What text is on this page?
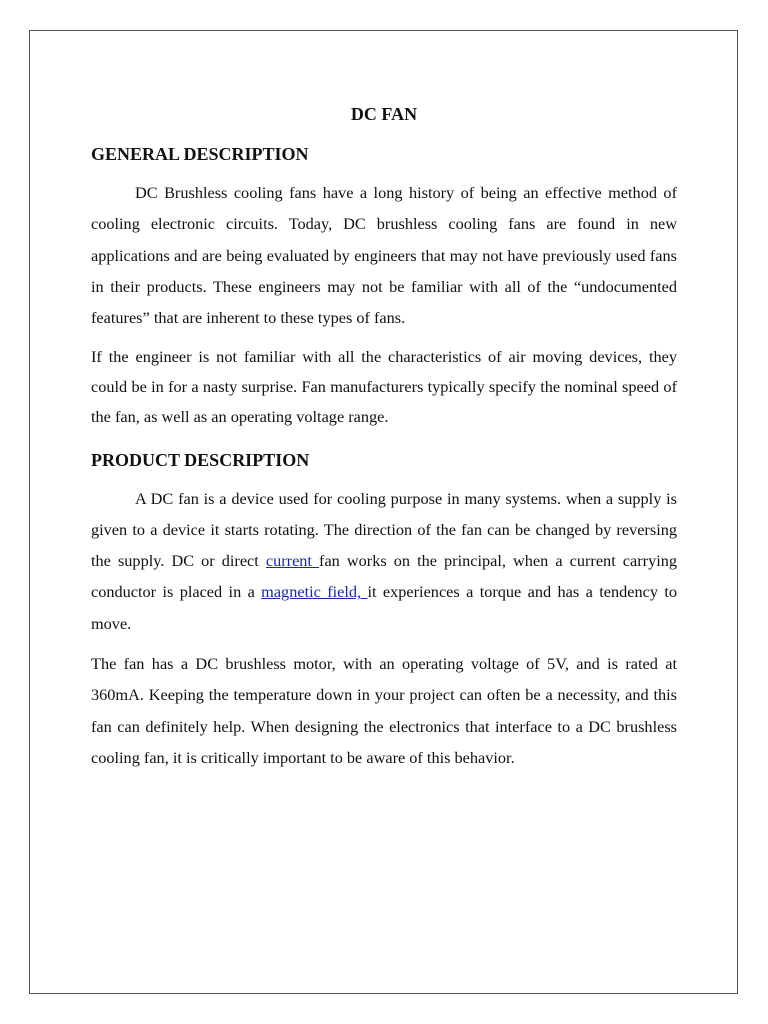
DC FAN
GENERAL DESCRIPTION

DC Brushless cooling fans have a long history of being an effective method of cooling electronic circuits. Today, DC brushless cooling fans are found in new applications and are being evaluated by engineers that may not have previously used fans in their products. These engineers may not be familiar with all of the “undocumented features” that are inherent to these types of fans.

If the engineer is not familiar with all the characteristics of air moving devices, they could be in for a nasty surprise. Fan manufacturers typically specify the nominal speed of the fan, as well as an operating voltage range.

PRODUCT DESCRIPTION

A DC fan is a device used for cooling purpose in many systems. when a supply is given to a device it starts rotating. The direction of the fan can be changed by reversing the supply. DC or direct current fan works on the principal, when a current carrying conductor is placed in a magnetic field, it experiences a torque and has a tendency to move.

The fan has a DC brushless motor, with an operating voltage of 5V, and is rated at 360mA. Keeping the temperature down in your project can often be a necessity, and this fan can definitely help. When designing the electronics that interface to a DC brushless cooling fan, it is critically important to be aware of this behavior.
